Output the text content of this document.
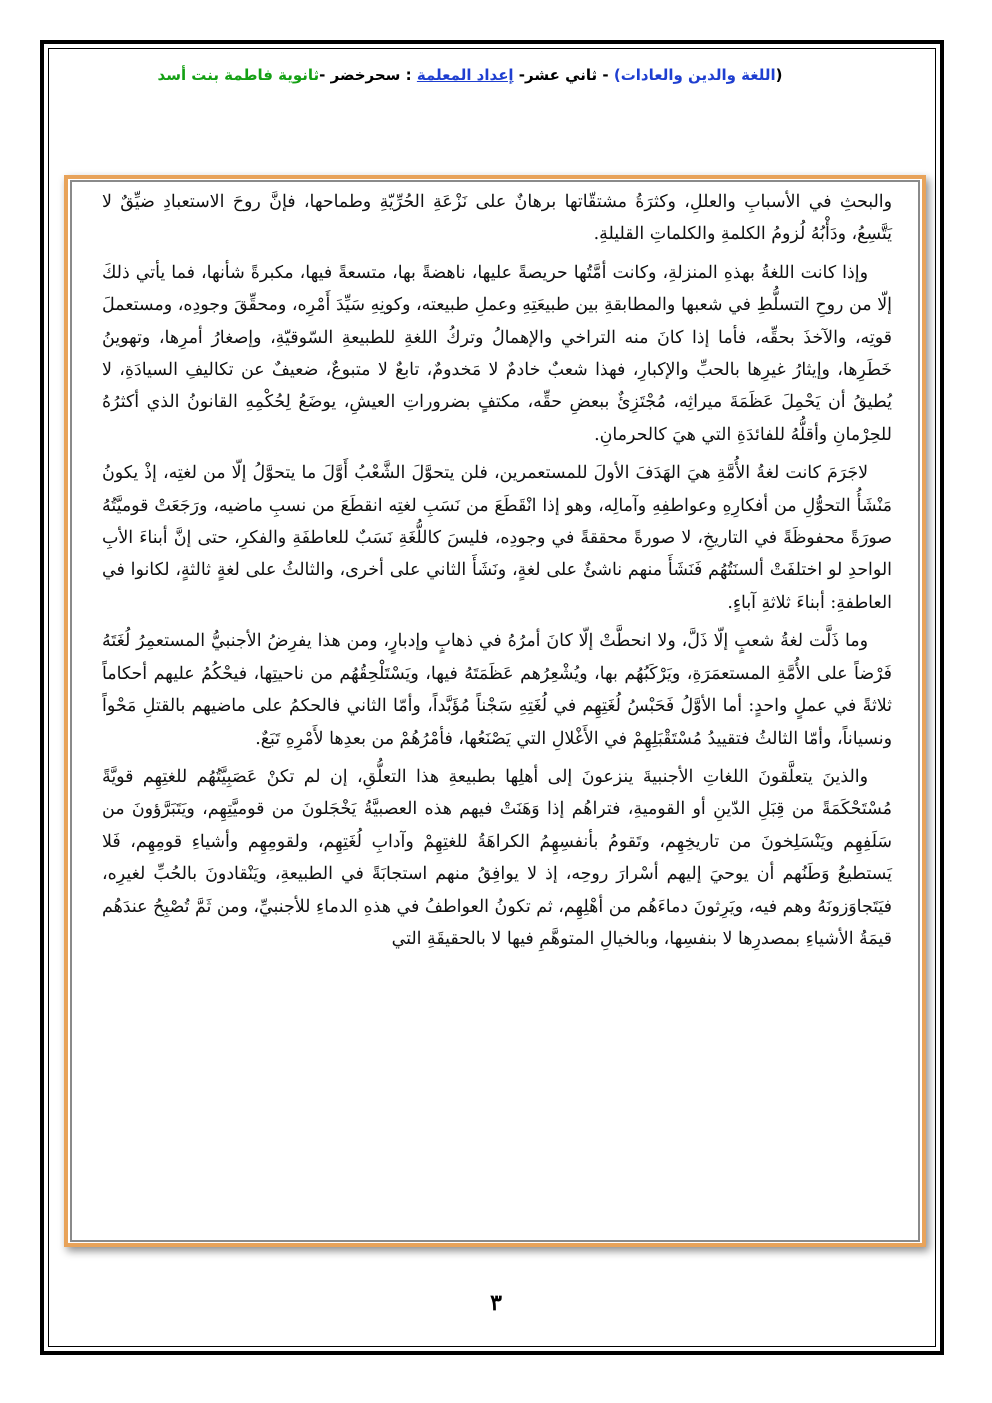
(اللغة والدين والعادات) - ثاني عشر- إعداد المعلمة : سحرخضر -ثانوية فاطمة بنت أسد

والبحثِ في الأسبابِ والعللِ، وكثرَةُ مشتقّاتها برهانٌ على نَزْعَةِ الحُرِّيّةِ وطماحها، فإنَّ روحَ الاستعبادِ ضيِّقٌ لا يَتَّسِعُ، ودَأْبُهُ لُزومُ الكلمةِ والكلماتِ القليلةِ.

وإذا كانت اللغةُ بهذهِ المنزلةِ، وكانت أمَّتُها حريصةً عليها، ناهضةً بها، متسعةً فيها، مكبرةً شأنها، فما يأتي ذلكَ إلّا من روحِ التسلُّطِ في شعبها والمطابقةِ بين طبيعَتِهِ وعملِ طبيعته، وكونِهِ سَيِّدَ أَمْرِه، ومحقِّقَ وجودِه، ومستعملَ قوتِه، والآخذَ بحقِّه، فأما إذا كانَ منه التراخي والإهمالُ وتركُ اللغةِ للطبيعةِ السّوقيّةِ، وإصغارُ أمرِها، وتهوينُ خَطَرِها، وإيثارُ غيرِها بالحبِّ والإكبارِ، فهذا شعبٌ خادمٌ لا مَخدومٌ، تابعٌ لا متبوعٌ، ضعيفٌ عن تكاليفِ السيادَةِ، لا يُطيقُ أن يَحْمِلَ عَظَمَةَ ميراثِه، مُجْتَزِئٌ ببعضِ حقِّه، مكتفٍ بضروراتِ العيشِ، يوضَعُ لِحُكْمِهِ القانونُ الذي أكثرُهُ للحِرْمانِ وأقلُّهُ للفائدَةِ التي هيَ كالحرمانِ.

لاجَرَمَ كانت لغةُ الأُمَّةِ هيَ الهَدَفَ الأولَ للمستعمرين، فلن يتحوَّلَ الشَّعْبُ أَوَّلَ ما يتحوَّلُ إلّا من لغتِه، إذْ يكونُ مَنْشَأُ التحوُّلِ من أفكارِهِ وعواطفِهِ وآمالِه، وهو إذا انْقَطَعَ من نَسَبِ لغتِه انقطَعَ من نسبِ ماضيه، ورَجَعَتْ قوميَّتُهُ صورَةً محفوظَةً في التاريخِ، لا صورةً محققةً في وجودِه، فليسَ كاللُّغَةِ نَسَبٌ للعاطفَةِ والفكرِ، حتى إنَّ أبناءَ الأبِ الواحدِ لو اختلفَتْ ألسنَتُهُم فَنَشَأَ منهم ناشئٌ على لغةٍ، ونَشَأَ الثاني على أخرى، والثالثُ على لغةٍ ثالثةٍ، لكانوا في العاطفةِ: أبناءَ ثلاثةِ آباءٍ.

وما ذَلَّت لغةُ شعبٍ إلّا ذَلَّ، ولا انحطَّتْ إلّا كانَ أمرُهُ في ذهابٍ وإدبارٍ، ومن هذا يفرِضُ الأجنبيُّ المستعمِرُ لُغَتَهُ فَرْضاً على الأُمَّةِ المستعمَرَةِ، ويَرْكَبُهُم بها، ويُشْعِرُهم عَظَمَتَهُ فيها، ويَسْتَلْحِقُهُم من ناحيتِها، فيحْكُمُ عليهم أحكاماً ثلاثةً في عملٍ واحدٍ: أما الأوَّلُ فَحَبْسُ لُغَتِهِم في لُغَتِهِ سَجْناً مُؤَبَّداً، وأمّا الثاني فالحكمُ على ماضيهم بالقتلِ مَحْواً ونسياناً، وأمّا الثالثُ فتقييدُ مُسْتَقْبَلِهِمْ في الأَغْلالِ التي يَصْنَعُها، فأمْرُهُمْ من بعدِها لأَمْرِهِ تَبَعٌ.

والذينَ يتعلَّقونَ اللغاتِ الأجنبيةَ ينزعونَ إلى أهلِها بطبيعةِ هذا التعلُّقِ، إن لم تكنْ عَصَبِيَّتُهُم للغتِهِم قويَّةً مُسْتَحْكَمَةً من قِبَلِ الدّينِ أو القوميةِ، فتراهُم إذا وَهَنَتْ فيهم هذه العصبيَّةُ يَخْجَلونَ من قوميَّتِهِم، ويَتَبَرَّؤونَ من سَلَفِهِم ويَنْسَلِخونَ من تاريخِهِم، وتَقومُ بأنفسِهِمُ الكراهَةُ للغتِهِمْ وآدابِ لُغَتِهِم، ولقومِهِم وأشياءِ قومِهِم، فَلا يَستطيعُ وَطَنُهم أن يوحيَ إليهم أسْرارَ روحِه، إذ لا يوافِقُ منهم استجابَةً في الطبيعةِ، ويَنْقادونَ بالحُبِّ لغيرِه، فيَتَجاوَزونَهُ وهم فيه، ويَرِثونَ دماءَهُم من أهْلِهِم، ثم تكونُ العواطفُ في هذهِ الدماءِ للأجنبيِّ، ومن ثَمَّ تُصْبِحُ عندَهُم قيمَةُ الأشياءِ بمصدرِها لا بنفسِها، وبالخيالِ المتوهَّمِ فيها لا بالحقيقَةِ التي

٣
